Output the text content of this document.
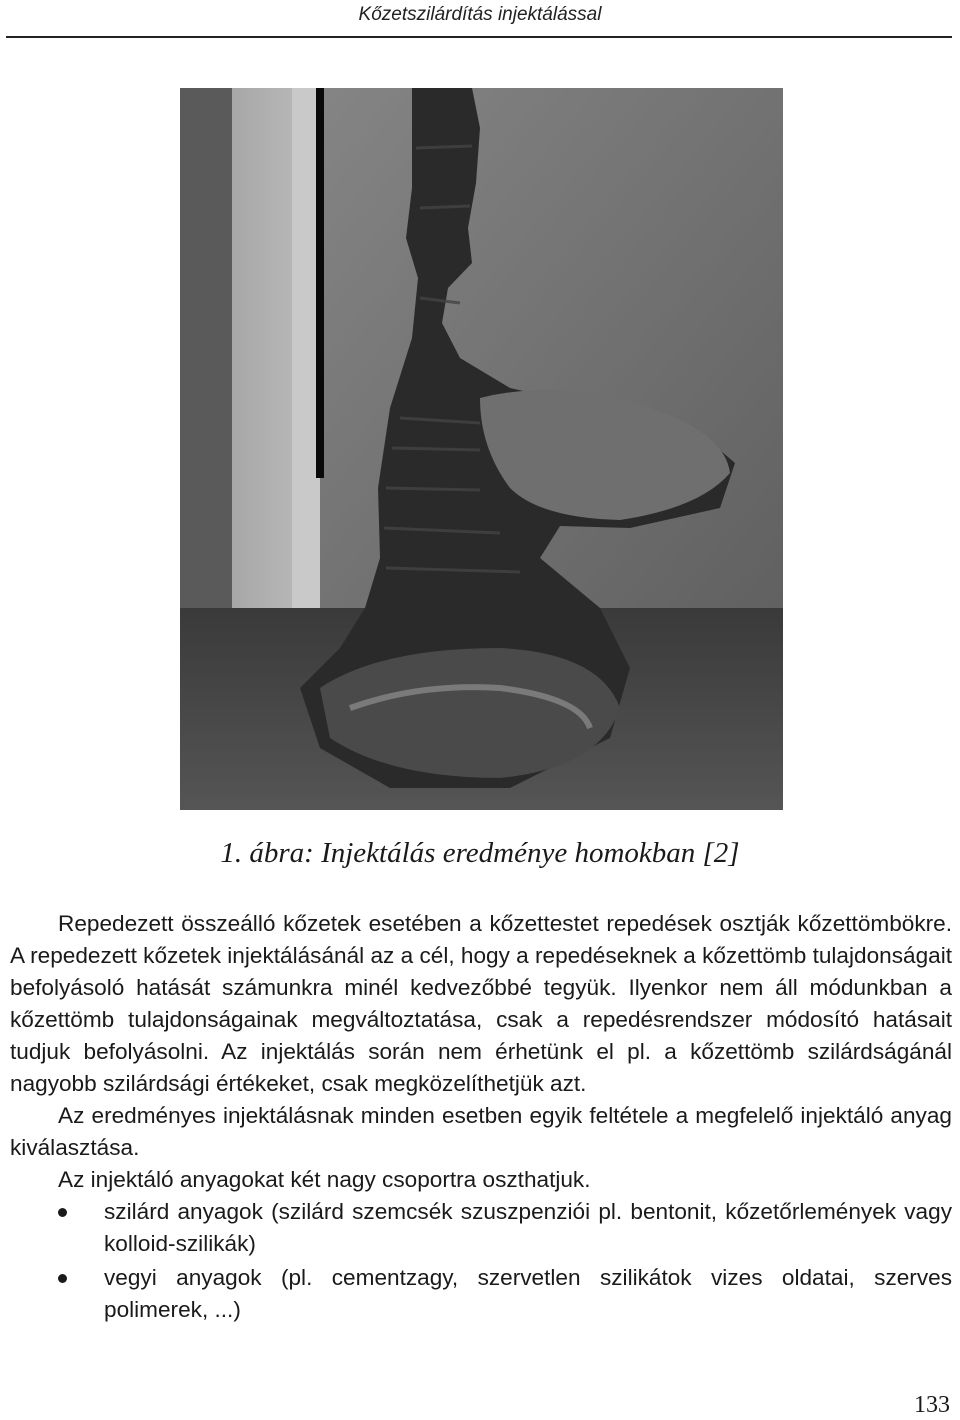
Kőzetszilárdítás injektálással
1. ábra: Injektálás eredménye homokban [2]

Repedezett összeálló kőzetek esetében a kőzettestet repedések osztják kőzettömbökre. A repedezett kőzetek injektálásánál az a cél, hogy a repedéseknek a kőzettömb tulajdonságait befolyásoló hatását számunkra minél kedvezőbbé tegyük. Ilyenkor nem áll módunkban a kőzettömb tulajdonságainak megváltoztatása, csak a repedésrendszer módosító hatásait tudjuk befolyásolni. Az injektálás során nem érhetünk el pl. a kőzettömb szilárdságánál nagyobb szilárdsági értékeket, csak megközelíthetjük azt.

Az eredményes injektálásnak minden esetben egyik feltétele a megfelelő injektáló anyag kiválasztása.

Az injektáló anyagokat két nagy csoportra oszthatjuk.

szilárd anyagok (szilárd szemcsék szuszpenziói pl. bentonit, kőzetőrlemények vagy kolloid-szilikák)
vegyi anyagok (pl. cementzagy, szervetlen szilikátok vizes oldatai, szerves polimerek, ...)
133
